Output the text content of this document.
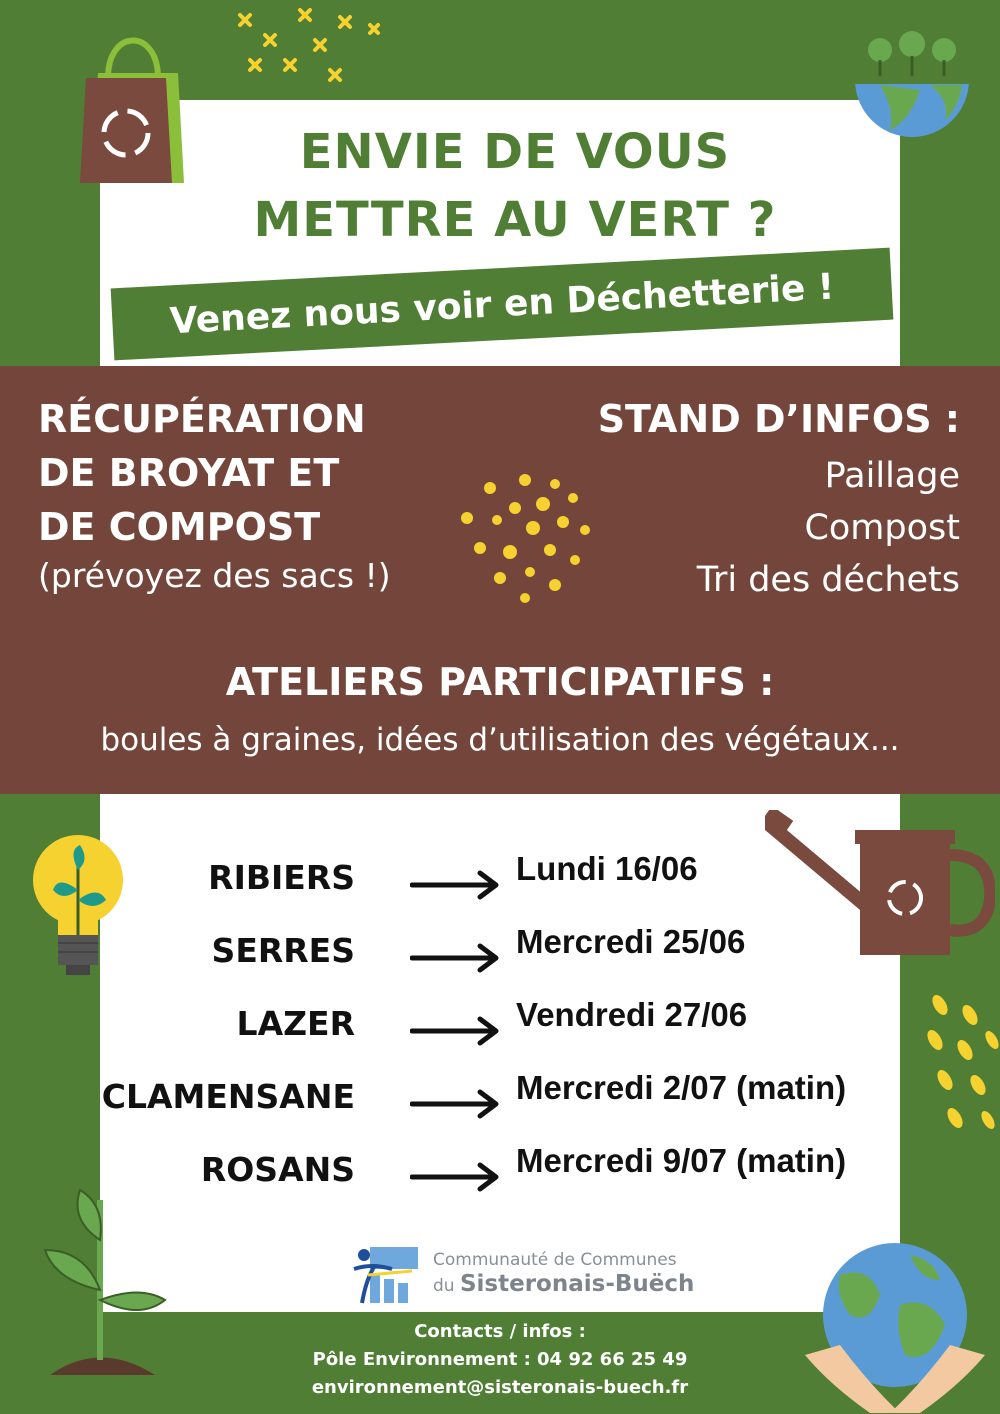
ENVIE DE VOUS
METTRE AU VERT ?
Venez nous voir en Déchetterie !
RÉCUPÉRATION
DE BROYAT ET
DE COMPOST
(prévoyez des sacs !)
STAND D’INFOS :
Paillage
Compost
Tri des déchets
ATELIERS PARTICIPATIFS :
boules à graines, idées d’utilisation des végétaux...
RIBIERS	Lundi 16/06
SERRES	Mercredi 25/06
LAZER	Vendredi 27/06
CLAMENSANE	Mercredi 2/07 (matin)
ROSANS	Mercredi 9/07 (matin)
Communauté de Communes
du Sisteronais-Buëch
Contacts / infos :
Pôle Environnement : 04 92 66 25 49
environnement@sisteronais-buech.fr
